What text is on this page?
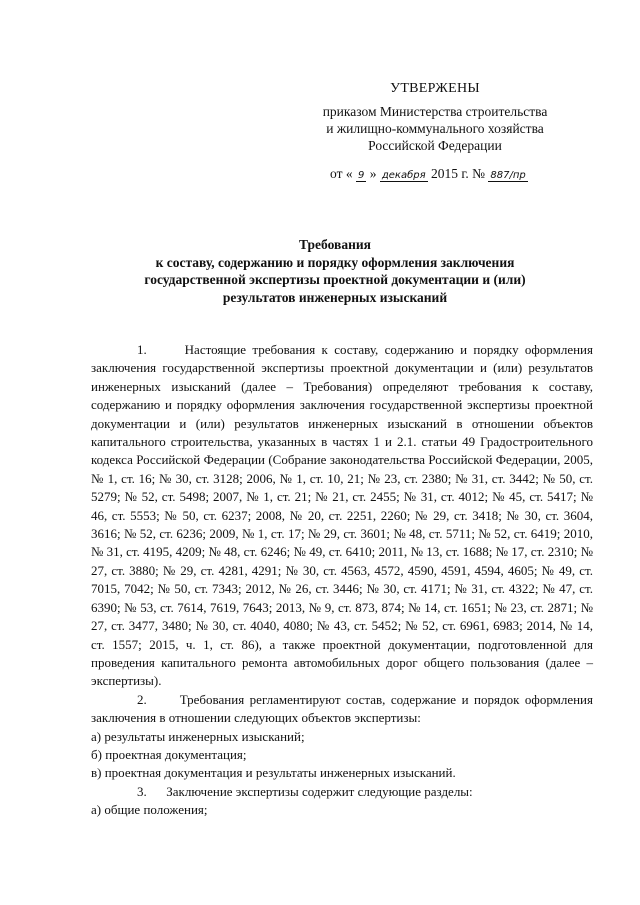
УТВЕРЖЕНЫ
приказом Министерства строительства
и жилищно-коммунального хозяйства
Российской Федерации
от « 9 » декабря 2015 г. № 887/пр
Требования
к составу, содержанию и порядку оформления заключения
государственной экспертизы проектной документации и (или)
результатов инженерных изысканий

1.      Настоящие требования к составу, содержанию и порядку оформления заключения государственной экспертизы проектной документации и (или) результатов инженерных изысканий (далее – Требования) определяют требования к составу, содержанию и порядку оформления заключения государственной экспертизы проектной документации и (или) результатов инженерных изысканий в отношении объектов капитального строительства, указанных в частях 1 и 2.1. статьи 49 Градостроительного кодекса Российской Федерации (Собрание законодательства Российской Федерации, 2005, № 1, ст. 16; № 30, ст. 3128; 2006, № 1, ст. 10, 21; № 23, ст. 2380; № 31, ст. 3442; № 50, ст. 5279; № 52, ст. 5498; 2007, № 1, ст. 21; № 21, ст. 2455; № 31, ст. 4012; № 45, ст. 5417; № 46, ст. 5553; № 50, ст. 6237; 2008, № 20, ст. 2251, 2260; № 29, ст. 3418; № 30, ст. 3604, 3616; № 52, ст. 6236; 2009, № 1, ст. 17; № 29, ст. 3601; № 48, ст. 5711; № 52, ст. 6419; 2010, № 31, ст. 4195, 4209; № 48, ст. 6246; № 49, ст. 6410; 2011, № 13, ст. 1688; № 17, ст. 2310; № 27, ст. 3880; № 29, ст. 4281, 4291; № 30, ст. 4563, 4572, 4590, 4591, 4594, 4605; № 49, ст. 7015, 7042; № 50, ст. 7343; 2012, № 26, ст. 3446; № 30, ст. 4171; № 31, ст. 4322; № 47, ст. 6390; № 53, ст. 7614, 7619, 7643; 2013, № 9, ст. 873, 874; № 14, ст. 1651; № 23, ст. 2871; № 27, ст. 3477, 3480; № 30, ст. 4040, 4080; № 43, ст. 5452; № 52, ст. 6961, 6983; 2014, № 14, ст. 1557; 2015, ч. 1, ст. 86), а также проектной документации, подготовленной для проведения капитального ремонта автомобильных дорог общего пользования (далее – экспертизы).

2.      Требования регламентируют состав, содержание и порядок оформления заключения в отношении следующих объектов экспертизы:

а) результаты инженерных изысканий;

б) проектная документация;

в) проектная документация и результаты инженерных изысканий.

3.      Заключение экспертизы содержит следующие разделы:

а) общие положения;
